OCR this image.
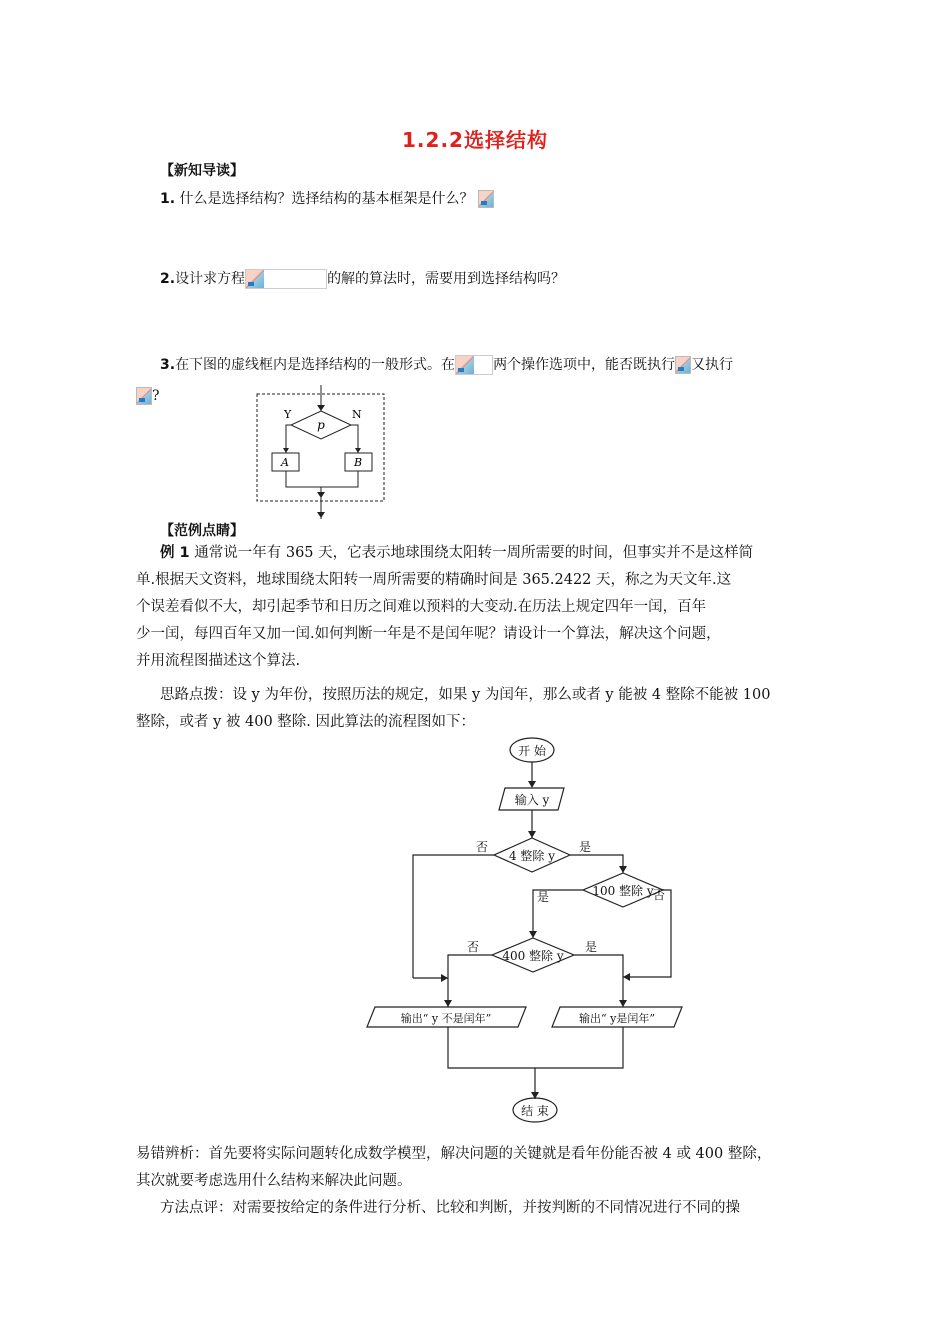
1.2.2选择结构
【新知导读】
1. 什么是选择结构？选择结构的基本框架是什么？
2.设计求方程	的解的算法时，需要用到选择结构吗？
3.在下图的虚线框内是选择结构的一般形式。在	两个操作选项中，能否既执行 又执行
?
p
Y	N
A	B
【范例点睛】
例 1 通常说一年有 365 天，它表示地球围绕太阳转一周所需要的时间，但事实并不是这样简
单.根据天文资料，地球围绕太阳转一周所需要的精确时间是 365.2422 天，称之为天文年.这
个误差看似不大，却引起季节和日历之间难以预料的大变动.在历法上规定四年一闰，百年
少一闰，每四百年又加一闰.如何判断一年是不是闰年呢？请设计一个算法，解决这个问题，
并用流程图描述这个算法.
思路点拨：设 y 为年份，按照历法的规定，如果 y 为闰年，那么或者 y 能被 4 整除不能被 100
整除，或者 y 被 400 整除. 因此算法的流程图如下：
开 始
输入 y
4 整除 y
100 整除 y
400 整除 y
否	是
是	否
否	是
输出“ y 不是闰年”	输出“ y是闰年”
结 束
易错辨析：首先要将实际问题转化成数学模型，解决问题的关键就是看年份能否被 4 或 400 整除，
其次就要考虑选用什么结构来解决此问题。
方法点评：对需要按给定的条件进行分析、比较和判断，并按判断的不同情况进行不同的操
